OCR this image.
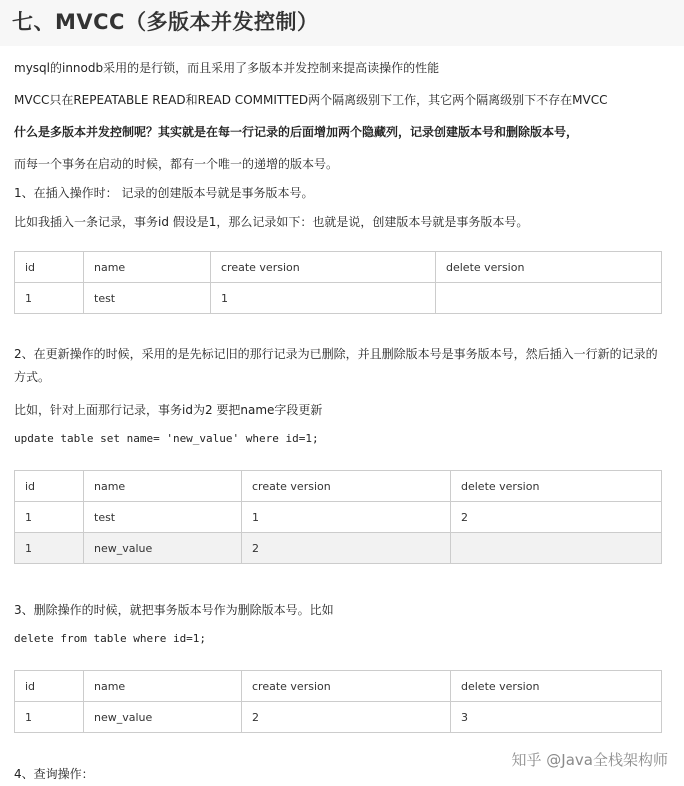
七、MVCC（多版本并发控制）
mysql的innodb采用的是行锁，而且采用了多版本并发控制来提高读操作的性能
MVCC只在REPEATABLE READ和READ COMMITTED两个隔离级别下工作，其它两个隔离级别下不存在MVCC
什么是多版本并发控制呢？其实就是在每一行记录的后面增加两个隐藏列，记录创建版本号和删除版本号，
而每一个事务在启动的时候，都有一个唯一的递增的版本号。
1、在插入操作时： 记录的创建版本号就是事务版本号。
比如我插入一条记录，事务id 假设是1，那么记录如下：也就是说，创建版本号就是事务版本号。
id	name	create version	delete version
1	test	1	
2、在更新操作的时候，采用的是先标记旧的那行记录为已删除，并且删除版本号是事务版本号，然后插入一行新的记录的方式。
比如，针对上面那行记录，事务id为2 要把name字段更新
update table set name= 'new_value' where id=1;
id	name	create version	delete version
1	test	1	2
1	new_value	2	
3、删除操作的时候，就把事务版本号作为删除版本号。比如
delete from table where id=1;
id	name	create version	delete version
1	new_value	2	3
知乎 @Java全栈架构师
4、查询操作：
